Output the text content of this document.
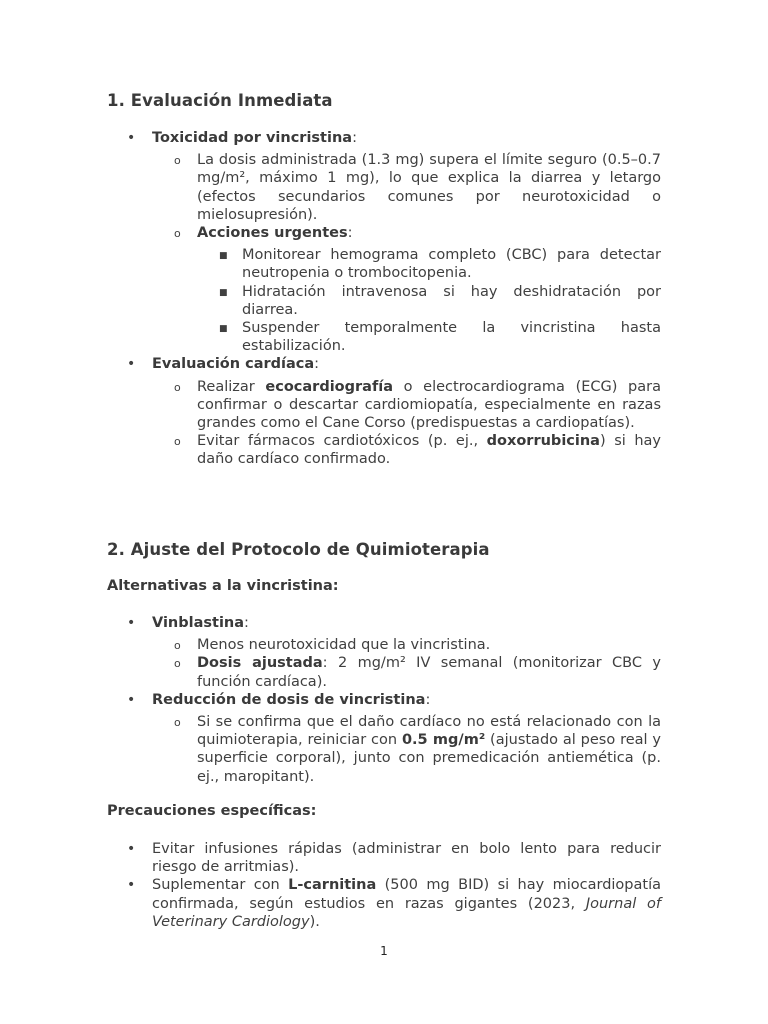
1. Evaluación Inmediata
• Toxicidad por vincristina:
o La dosis administrada (1.3 mg) supera el límite seguro (0.5–0.7 mg/m², máximo 1 mg), lo que explica la diarrea y letargo (efectos secundarios comunes por neurotoxicidad o mielosupresión).
o Acciones urgentes:
■ Monitorear hemograma completo (CBC) para detectar neutropenia o trombocitopenia.
■ Hidratación intravenosa si hay deshidratación por diarrea.
■ Suspender temporalmente la vincristina hasta estabilización.
• Evaluación cardíaca:
o Realizar ecocardiografía o electrocardiograma (ECG) para confirmar o descartar cardiomiopatía, especialmente en razas grandes como el Cane Corso (predispuestas a cardiopatías).
o Evitar fármacos cardiotóxicos (p. ej., doxorrubicina) si hay daño cardíaco confirmado.
2. Ajuste del Protocolo de Quimioterapia
Alternativas a la vincristina:
• Vinblastina:
o Menos neurotoxicidad que la vincristina.
o Dosis ajustada: 2 mg/m² IV semanal (monitorizar CBC y función cardíaca).
• Reducción de dosis de vincristina:
o Si se confirma que el daño cardíaco no está relacionado con la quimioterapia, reiniciar con 0.5 mg/m² (ajustado al peso real y superficie corporal), junto con premedicación antiemética (p. ej., maropitant).
Precauciones específicas:
• Evitar infusiones rápidas (administrar en bolo lento para reducir riesgo de arritmias).
• Suplementar con L-carnitina (500 mg BID) si hay miocardiopatía confirmada, según estudios en razas gigantes (2023, Journal of Veterinary Cardiology).
1
